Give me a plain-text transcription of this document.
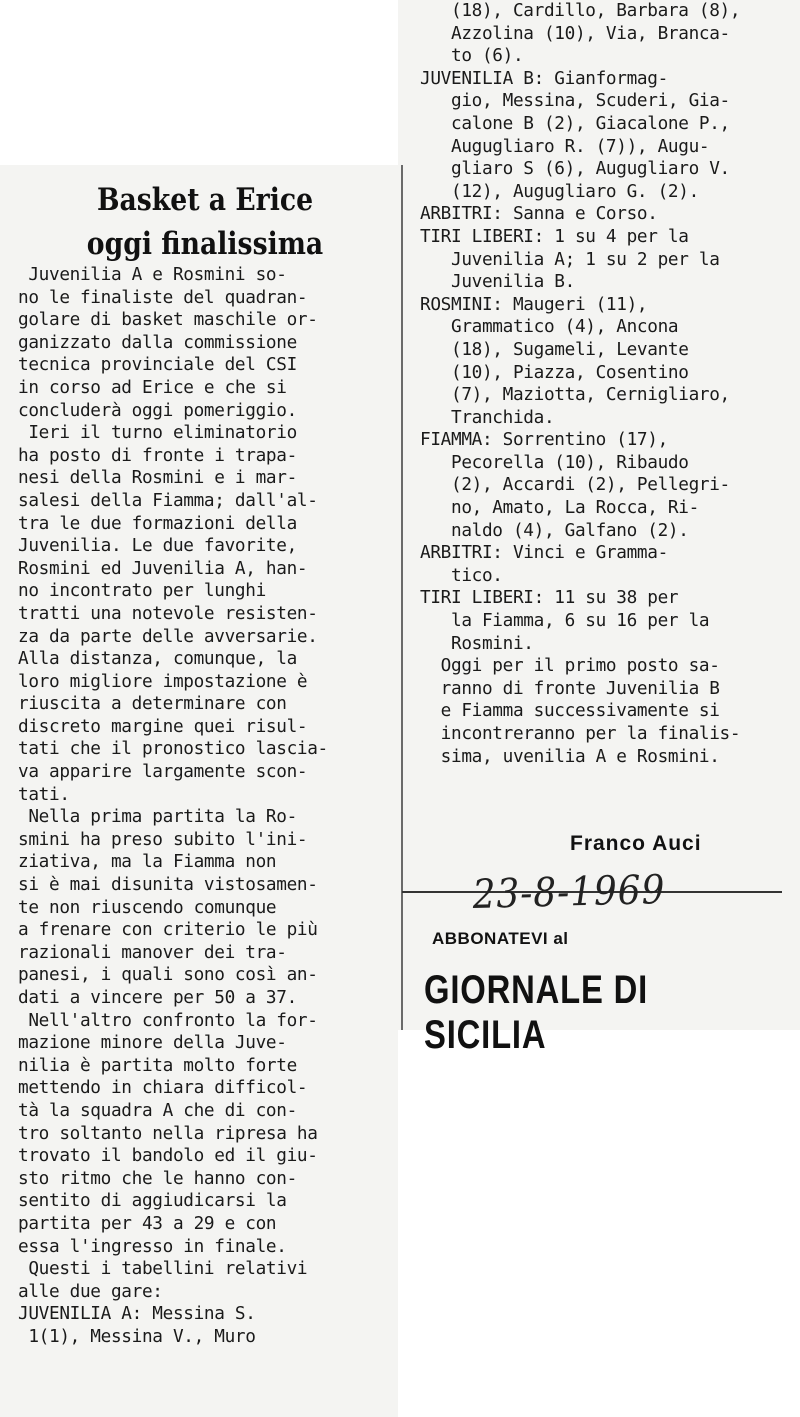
Basket a Erice
oggi finalissima

Juvenilia A e Rosmini so-
no le finaliste del quadran-
golare di basket maschile or-
ganizzato dalla commissione
tecnica provinciale del CSI
in corso ad Erice e che si
concluderà oggi pomeriggio.
Ieri il turno eliminatorio
ha posto di fronte i trapa-
nesi della Rosmini e i mar-
salesi della Fiamma; dall'al-
tra le due formazioni della
Juvenilia. Le due favorite,
Rosmini ed Juvenilia A, han-
no incontrato per lunghi
tratti una notevole resisten-
za da parte delle avversarie.
Alla distanza, comunque, la
loro migliore impostazione è
riuscita a determinare con
discreto margine quei risul-
tati che il pronostico lascia-
va apparire largamente scon-
tati.
Nella prima partita la Ro-
smini ha preso subito l'ini-
ziativa, ma la Fiamma non
si è mai disunita vistosamen-
te non riuscendo comunque
a frenare con criterio le più
razionali manover dei tra-
panesi, i quali sono così an-
dati a vincere per 50 a 37.
Nell'altro confronto la for-
mazione minore della Juve-
nilia è partita molto forte
mettendo in chiara difficol-
tà la squadra A che di con-
tro soltanto nella ripresa ha
trovato il bandolo ed il giu-
sto ritmo che le hanno con-
sentito di aggiudicarsi la
partita per 43 a 29 e con
essa l'ingresso in finale.
Questi i tabellini relativi
alle due gare:
JUVENILIA A: Messina S.
1(1), Messina V., Muro

(18), Cardillo, Barbara (8),
Azzolina (10), Via, Branca-
to (6).
JUVENILIA B: Gianformag-
gio, Messina, Scuderi, Gia-
calone B (2), Giacalone P.,
Augugliaro R. (7)), Augu-
gliaro S (6), Augugliaro V.
(12), Augugliaro G. (2).
ARBITRI: Sanna e Corso.
TIRI LIBERI: 1 su 4 per la
Juvenilia A; 1 su 2 per la
Juvenilia B.
ROSMINI: Maugeri (11),
Grammatico (4), Ancona
(18), Sugameli, Levante
(10), Piazza, Cosentino
(7), Maziotta, Cernigliaro,
Tranchida.
FIAMMA: Sorrentino (17),
Pecorella (10), Ribaudo
(2), Accardi (2), Pellegri-
no, Amato, La Rocca, Ri-
naldo (4), Galfano (2).
ARBITRI: Vinci e Gramma-
tico.
TIRI LIBERI: 11 su 38 per
la Fiamma, 6 su 16 per la
Rosmini.
Oggi per il primo posto sa-
ranno di fronte Juvenilia B
e Fiamma successivamente si
incontreranno per la finalis-
sima, uvenilia A e Rosmini.

Franco Auci

23-8-1969

ABBONATEVI al

GIORNALE DI SICILIA
